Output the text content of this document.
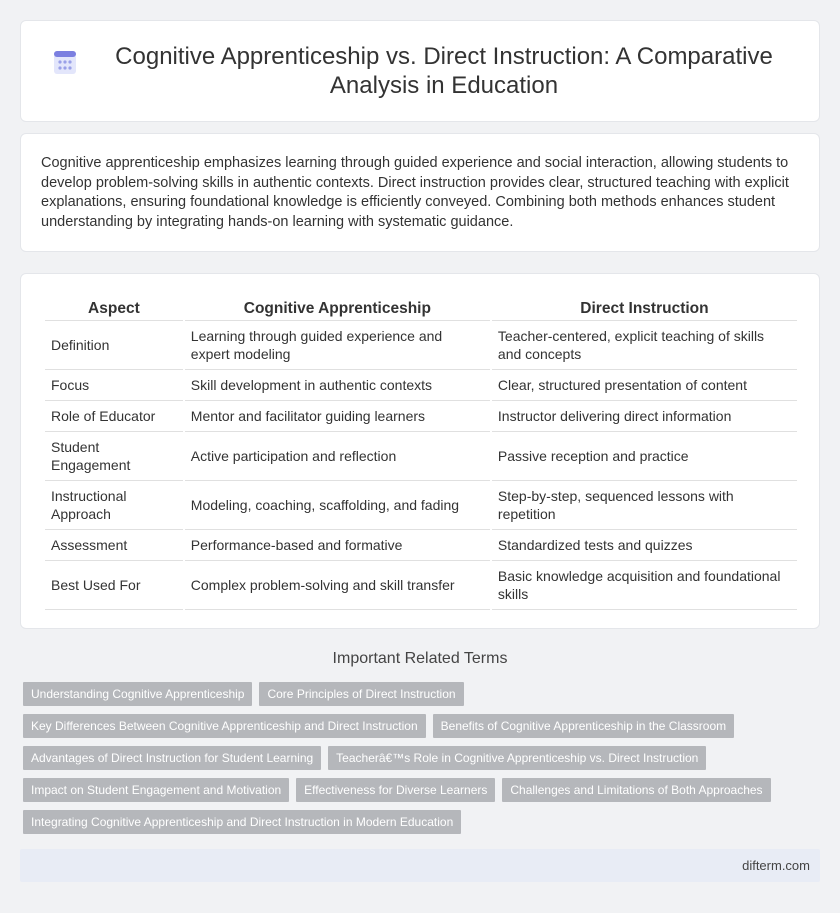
Cognitive Apprenticeship vs. Direct Instruction: A Comparative Analysis in Education

Cognitive apprenticeship emphasizes learning through guided experience and social interaction, allowing students to develop problem-solving skills in authentic contexts. Direct instruction provides clear, structured teaching with explicit explanations, ensuring foundational knowledge is efficiently conveyed. Combining both methods enhances student understanding by integrating hands-on learning with systematic guidance.

Aspect	Cognitive Apprenticeship	Direct Instruction
Definition	Learning through guided experience and expert modeling	Teacher-centered, explicit teaching of skills and concepts
Focus	Skill development in authentic contexts	Clear, structured presentation of content
Role of Educator	Mentor and facilitator guiding learners	Instructor delivering direct information
Student Engagement	Active participation and reflection	Passive reception and practice
Instructional Approach	Modeling, coaching, scaffolding, and fading	Step-by-step, sequenced lessons with repetition
Assessment	Performance-based and formative	Standardized tests and quizzes
Best Used For	Complex problem-solving and skill transfer	Basic knowledge acquisition and foundational skills
Important Related Terms
Understanding Cognitive Apprenticeship	Core Principles of Direct Instruction
Key Differences Between Cognitive Apprenticeship and Direct Instruction	Benefits of Cognitive Apprenticeship in the Classroom
Advantages of Direct Instruction for Student Learning	Teacherâ€™s Role in Cognitive Apprenticeship vs. Direct Instruction
Impact on Student Engagement and Motivation	Effectiveness for Diverse Learners	Challenges and Limitations of Both Approaches
Integrating Cognitive Apprenticeship and Direct Instruction in Modern Education
difterm.com
